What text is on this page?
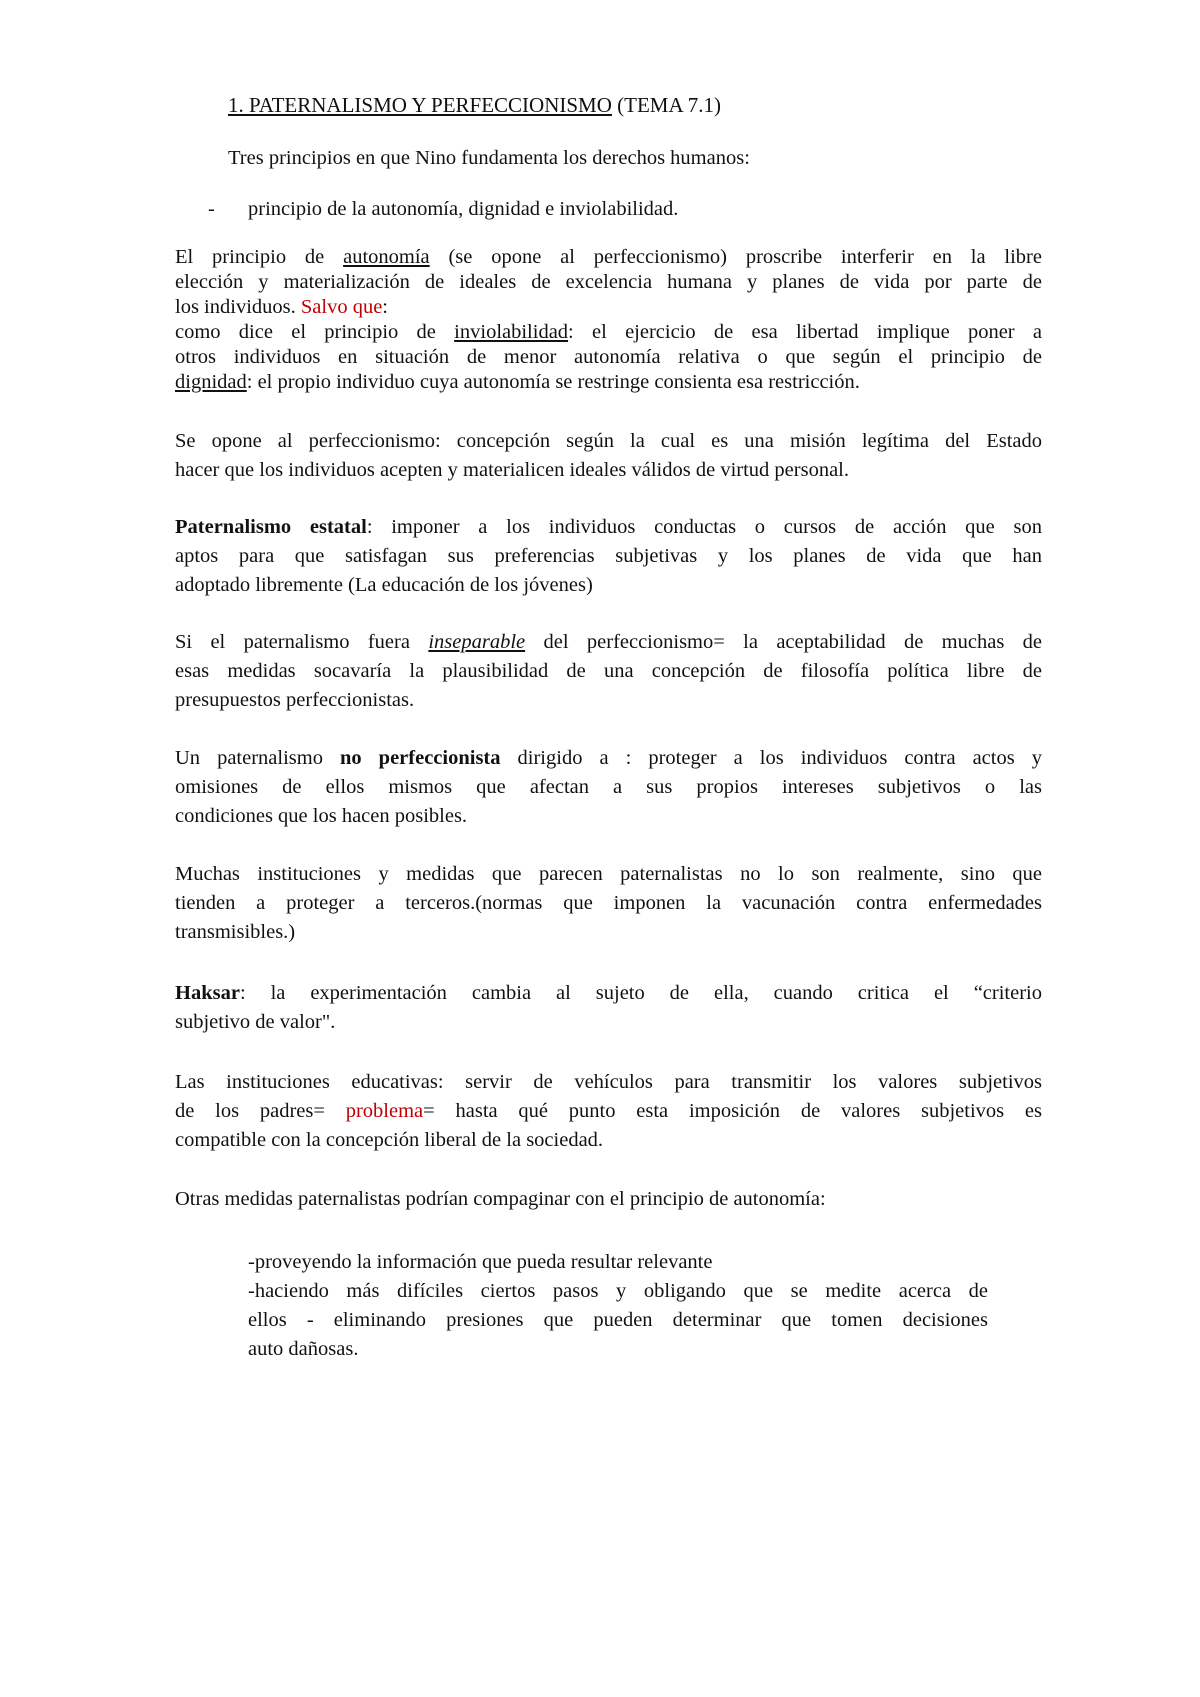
1. PATERNALISMO Y PERFECCIONISMO (TEMA 7.1)
Tres principios en que Nino fundamenta los derechos humanos:
- principio de la autonomía, dignidad e inviolabilidad.
El principio de autonomía (se opone al perfeccionismo) proscribe interferir en la libre
elección y materialización de ideales de excelencia humana y planes de vida por parte de
los individuos. Salvo que:
como dice el principio de inviolabilidad: el ejercicio de esa libertad implique poner a
otros individuos en situación de menor autonomía relativa o que según el principio de
dignidad: el propio individuo cuya autonomía se restringe consienta esa restricción.
Se opone al perfeccionismo: concepción según la cual es una misión legítima del Estado
hacer que los individuos acepten y materialicen ideales válidos de virtud personal.
Paternalismo estatal: imponer a los individuos conductas o cursos de acción que son
aptos para que satisfagan sus preferencias subjetivas y los planes de vida que han
adoptado libremente (La educación de los jóvenes)
Si el paternalismo fuera inseparable del perfeccionismo= la aceptabilidad de muchas de
esas medidas socavaría la plausibilidad de una concepción de filosofía política libre de
presupuestos perfeccionistas.
Un paternalismo no perfeccionista dirigido a : proteger a los individuos contra actos y
omisiones de ellos mismos que afectan a sus propios intereses subjetivos o las
condiciones que los hacen posibles.
Muchas instituciones y medidas que parecen paternalistas no lo son realmente, sino que
tienden a proteger a terceros.(normas que imponen la vacunación contra enfermedades
transmisibles.)
Haksar: la experimentación cambia al sujeto de ella, cuando critica el “criterio
subjetivo de valor".
Las instituciones educativas: servir de vehículos para transmitir los valores subjetivos
de los padres= problema= hasta qué punto esta imposición de valores subjetivos es
compatible con la concepción liberal de la sociedad.
Otras medidas paternalistas podrían compaginar con el principio de autonomía:
-proveyendo la información que pueda resultar relevante
-haciendo más difíciles ciertos pasos y obligando que se medite acerca de
ellos - eliminando presiones que pueden determinar que tomen decisiones
auto dañosas.
